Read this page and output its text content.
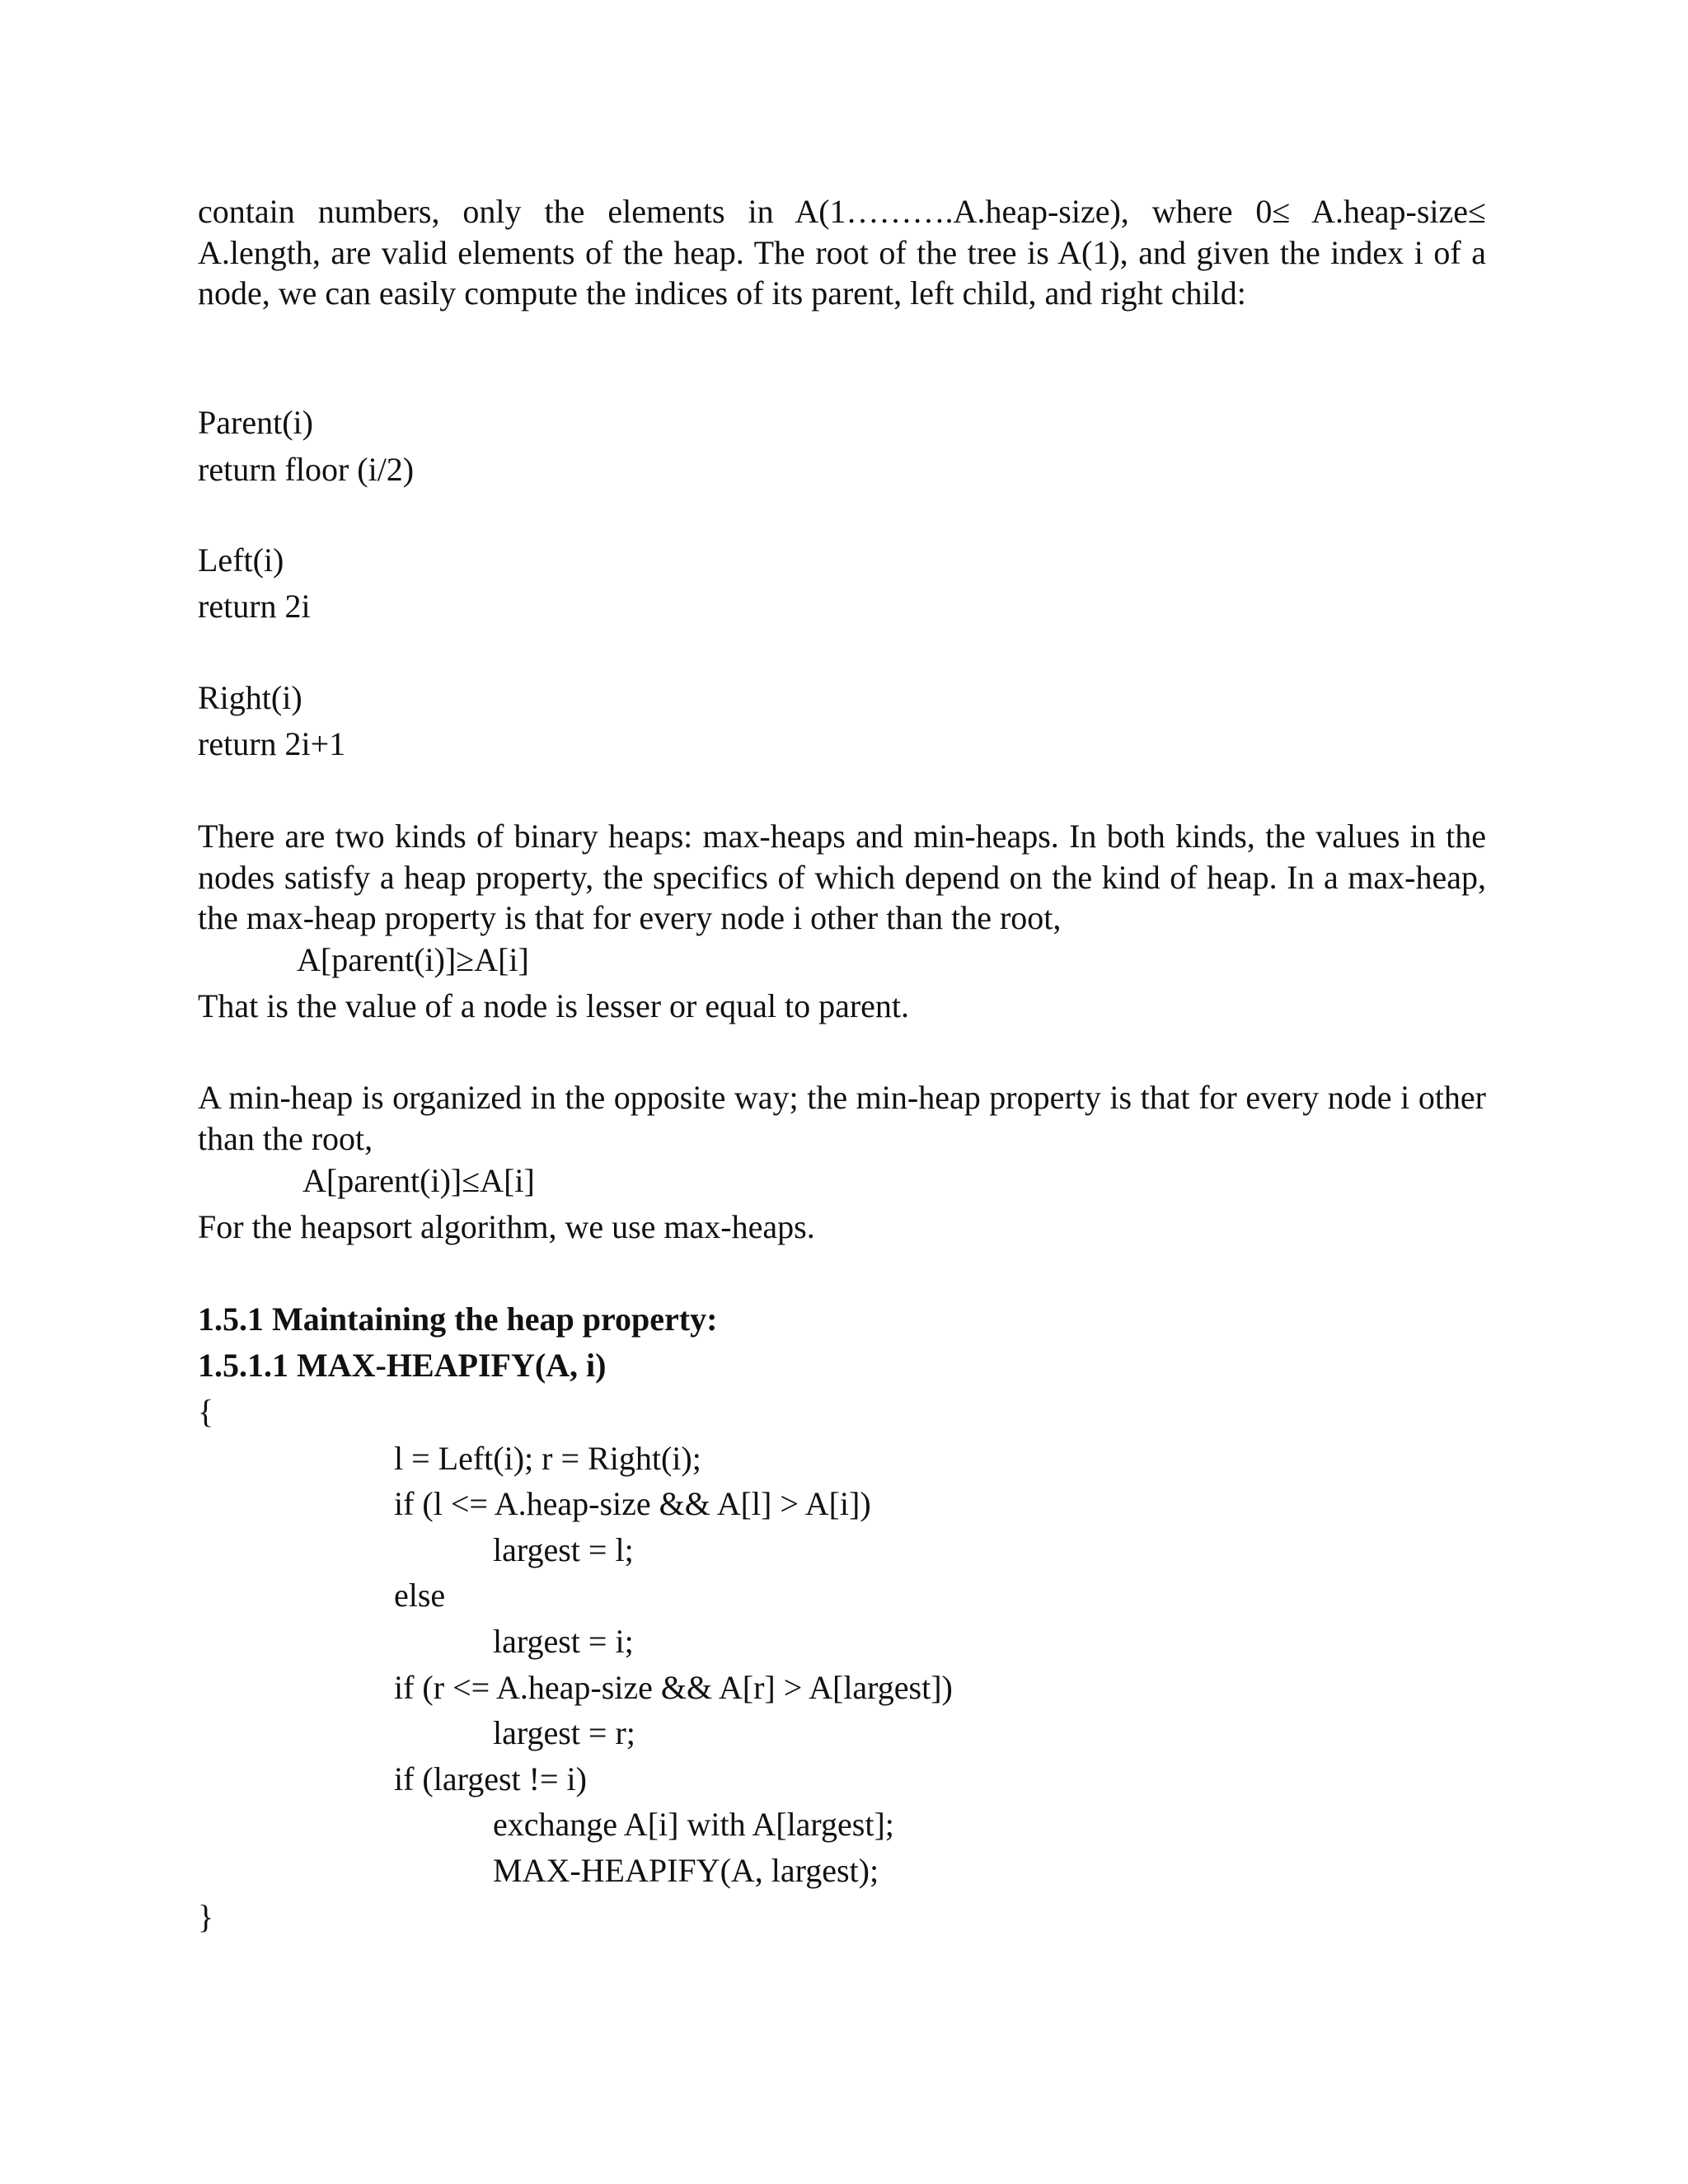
contain numbers, only the elements in A(1……….A.heap-size), where 0≤ A.heap-size≤
A.length, are valid elements of the heap. The root of the tree is A(1), and given the index i of a
node, we can easily compute the indices of its parent, left child, and right child:
Parent(i)
return floor (i/2)
Left(i)
return 2i
Right(i)
return 2i+1
There are two kinds of binary heaps: max-heaps and min-heaps. In both kinds, the values in the
nodes satisfy a heap property, the specifics of which depend on the kind of heap. In a max-heap,
the max-heap property is that for every node i other than the root,
A[parent(i)]≥A[i]
That is the value of a node is lesser or equal to parent.
A min-heap is organized in the opposite way; the min-heap property is that for every node i other
than the root,
A[parent(i)]≤A[i]
For the heapsort algorithm, we use max-heaps.
1.5.1 Maintaining the heap property:
1.5.1.1 MAX-HEAPIFY(A, i)
{
l = Left(i); r = Right(i);
if (l <= A.heap-size && A[l] > A[i])
largest = l;
else
largest = i;
if (r <= A.heap-size && A[r] > A[largest])
largest = r;
if (largest != i)
exchange A[i] with A[largest];
MAX-HEAPIFY(A, largest);
}
